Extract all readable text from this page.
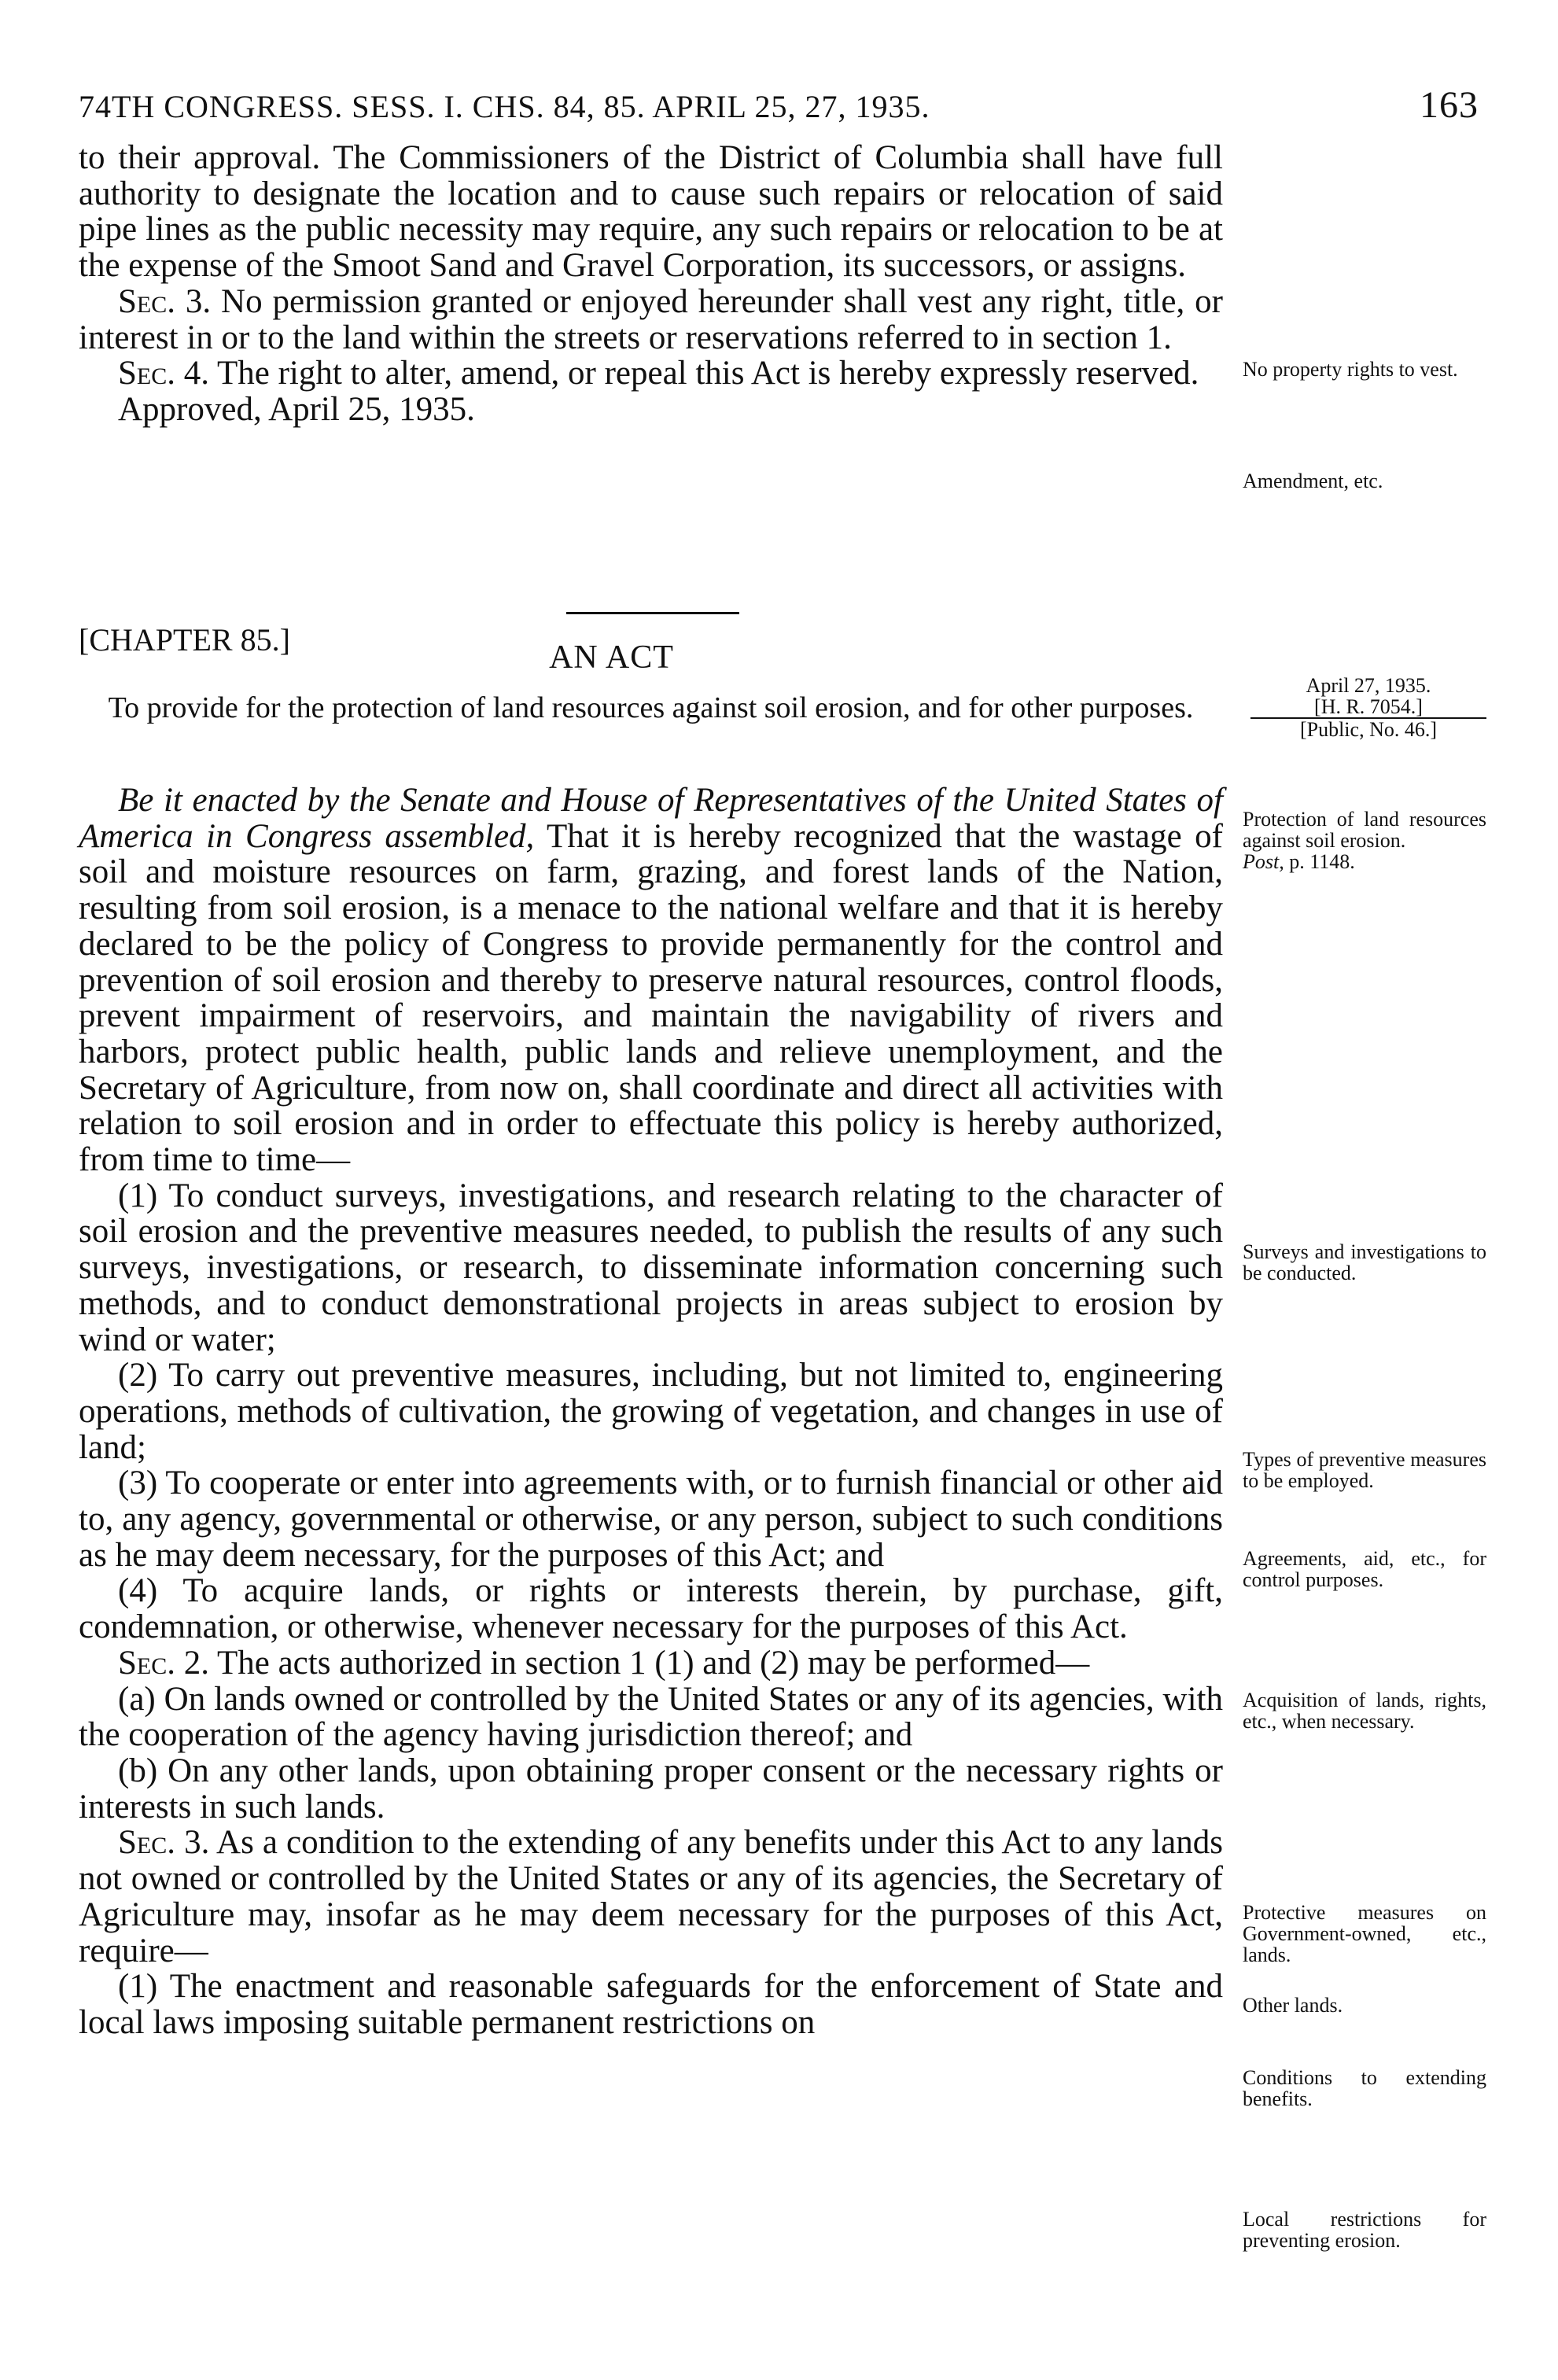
74TH CONGRESS. SESS. I. CHS. 84, 85. APRIL 25, 27, 1935.	163

to their approval. The Commissioners of the District of Columbia shall have full authority to designate the location and to cause such repairs or relocation of said pipe lines as the public necessity may require, any such repairs or relocation to be at the expense of the Smoot Sand and Gravel Corporation, its successors, or assigns.

Sec. 3. No permission granted or enjoyed hereunder shall vest any right, title, or interest in or to the land within the streets or reservations referred to in section 1.

Sec. 4. The right to alter, amend, or repeal this Act is hereby expressly reserved.

Approved, April 25, 1935.

No property rights to vest.
Amendment, etc.
[CHAPTER 85.]	AN ACT
To provide for the protection of land resources against soil erosion, and for other purposes.
April 27, 1935.
[H. R. 7054.]
[Public, No. 46.]

Be it enacted by the Senate and House of Representatives of the United States of America in Congress assembled, That it is hereby recognized that the wastage of soil and moisture resources on farm, grazing, and forest lands of the Nation, resulting from soil erosion, is a menace to the national welfare and that it is hereby declared to be the policy of Congress to provide permanently for the control and prevention of soil erosion and thereby to preserve natural resources, control floods, prevent impairment of reservoirs, and maintain the navigability of rivers and harbors, protect public health, public lands and relieve unemployment, and the Secretary of Agriculture, from now on, shall coordinate and direct all activities with relation to soil erosion and in order to effectuate this policy is hereby authorized, from time to time—

(1) To conduct surveys, investigations, and research relating to the character of soil erosion and the preventive measures needed, to publish the results of any such surveys, investigations, or research, to disseminate information concerning such methods, and to conduct demonstrational projects in areas subject to erosion by wind or water;

(2) To carry out preventive measures, including, but not limited to, engineering operations, methods of cultivation, the growing of vegetation, and changes in use of land;

(3) To cooperate or enter into agreements with, or to furnish financial or other aid to, any agency, governmental or otherwise, or any person, subject to such conditions as he may deem necessary, for the purposes of this Act; and

(4) To acquire lands, or rights or interests therein, by purchase, gift, condemnation, or otherwise, whenever necessary for the purposes of this Act.

Sec. 2. The acts authorized in section 1 (1) and (2) may be performed—

(a) On lands owned or controlled by the United States or any of its agencies, with the cooperation of the agency having jurisdiction thereof; and

(b) On any other lands, upon obtaining proper consent or the necessary rights or interests in such lands.

Sec. 3. As a condition to the extending of any benefits under this Act to any lands not owned or controlled by the United States or any of its agencies, the Secretary of Agriculture may, insofar as he may deem necessary for the purposes of this Act, require—

(1) The enactment and reasonable safeguards for the enforcement of State and local laws imposing suitable permanent restrictions on

Protection of land resources against soil erosion.
Post, p. 1148.
Surveys and investigations to be conducted.
Types of preventive measures to be employed.
Agreements, aid, etc., for control purposes.
Acquisition of lands, rights, etc., when necessary.
Protective measures on Government-owned, etc., lands.
Other lands.
Conditions to extending benefits.
Local restrictions for preventing erosion.
